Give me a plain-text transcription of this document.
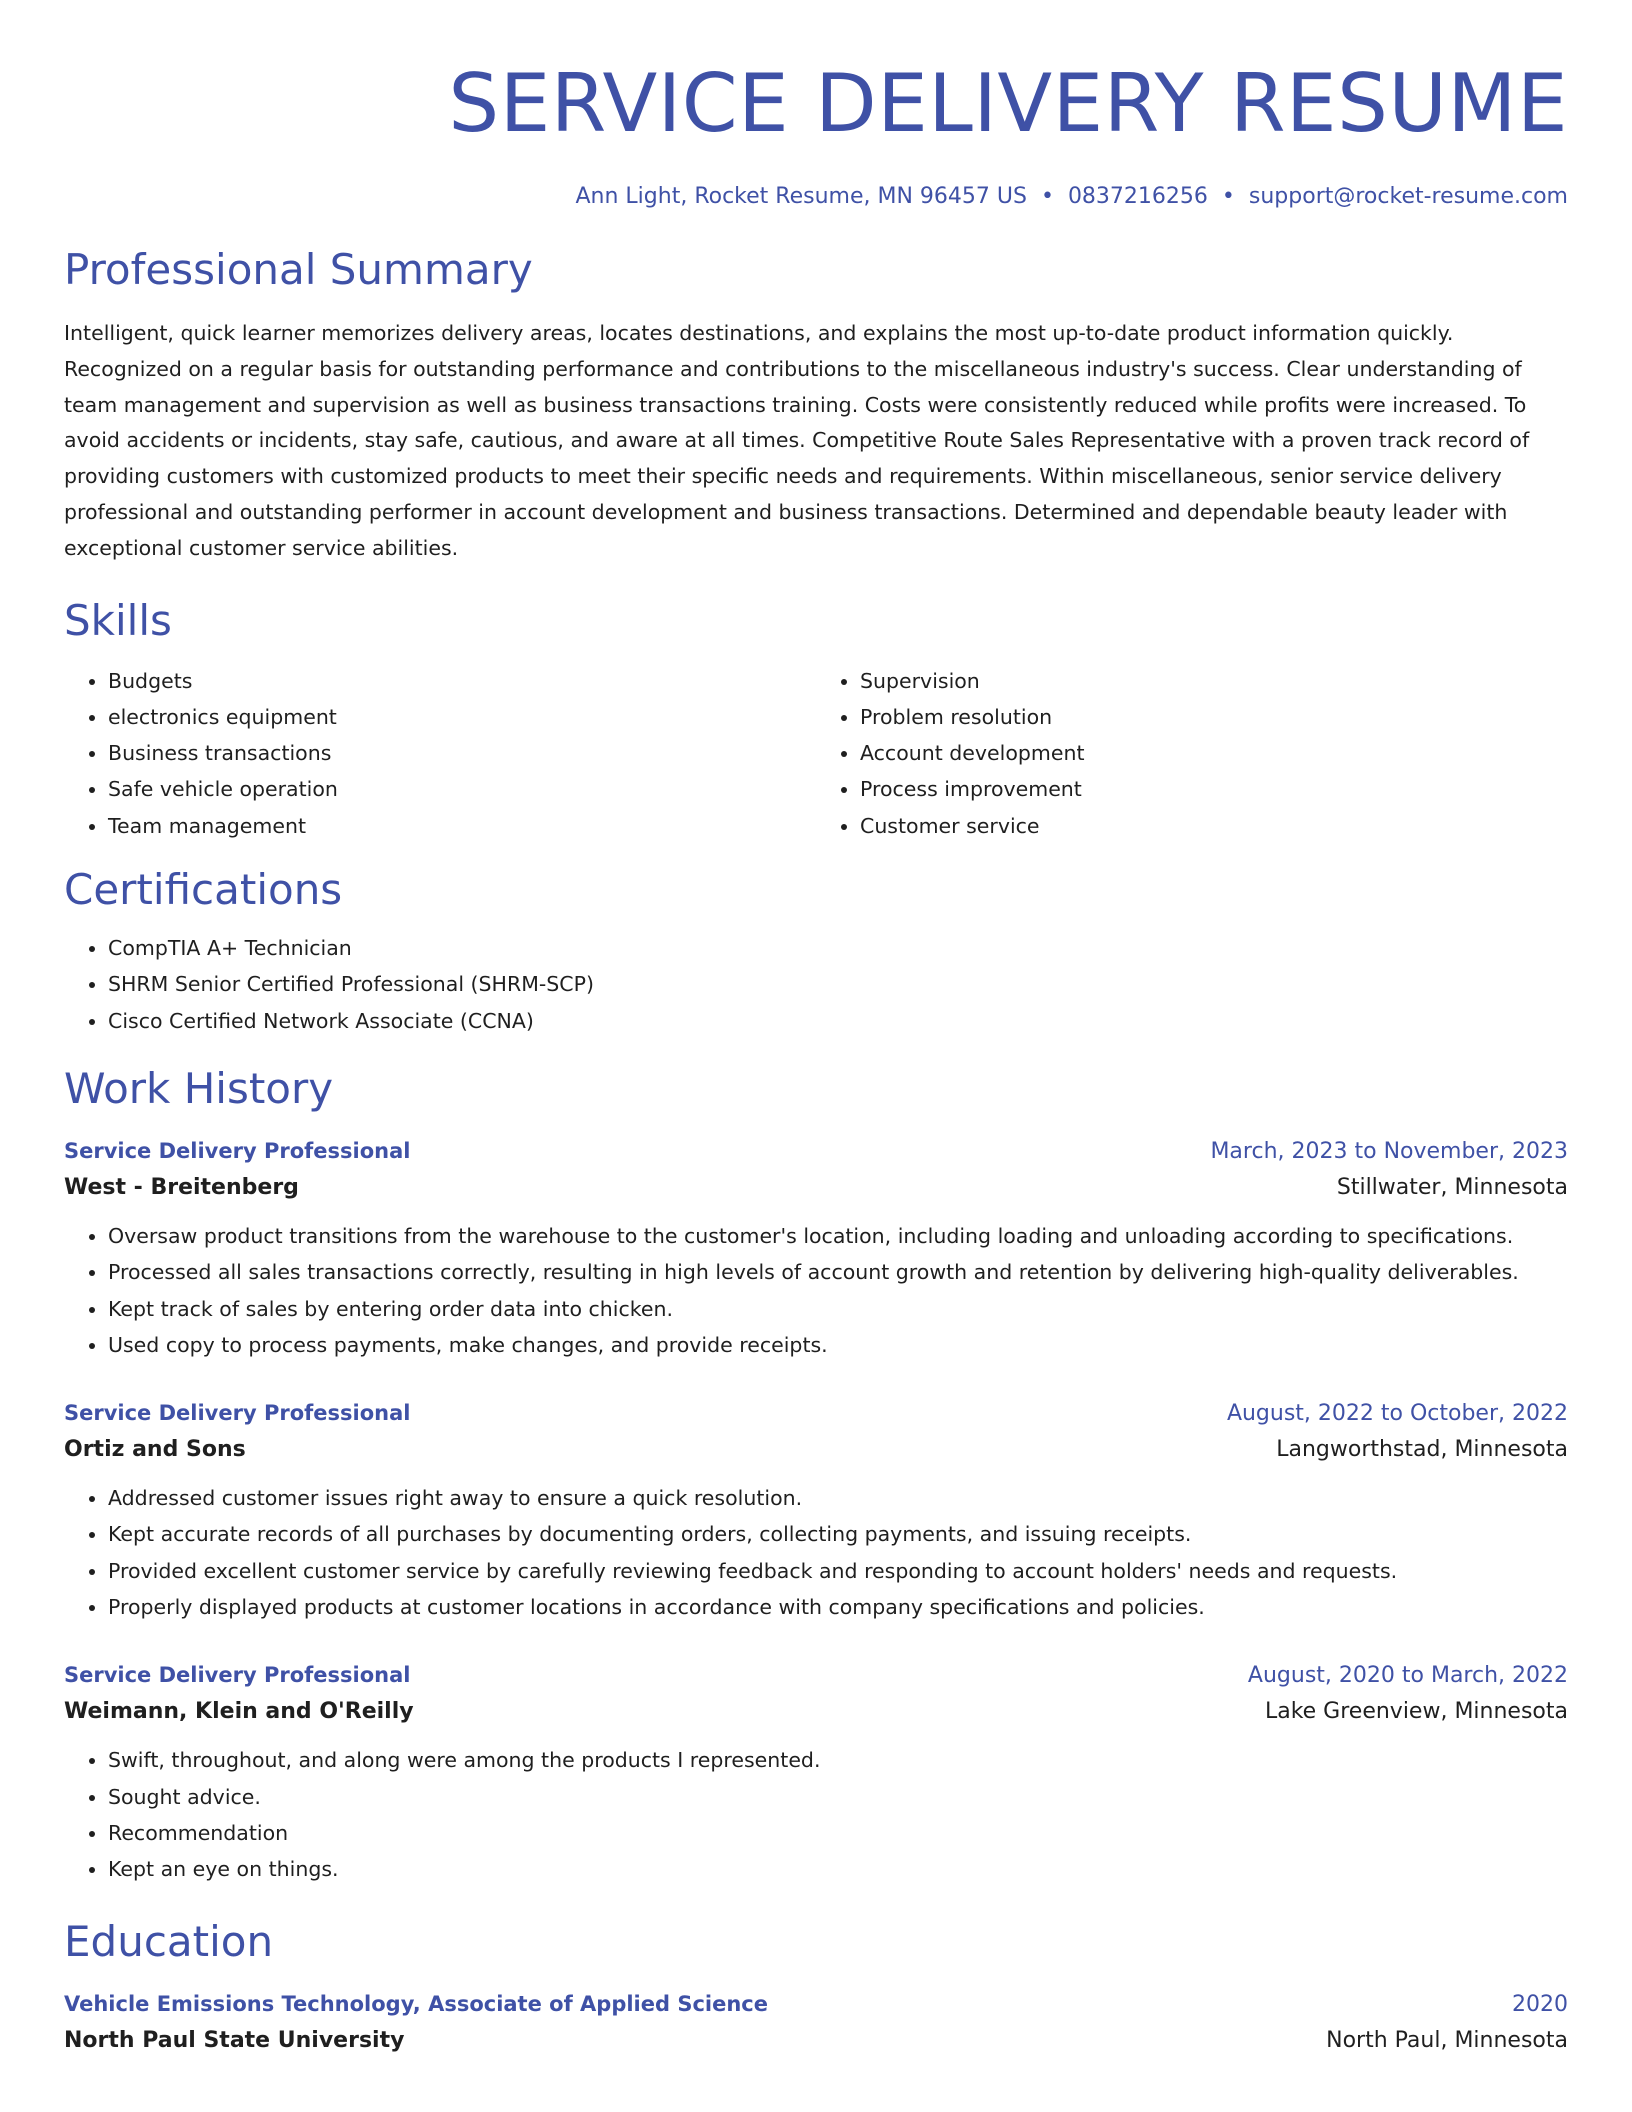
SERVICE DELIVERY RESUME
Ann Light, Rocket Resume, MN 96457 US • 0837216256 • support@rocket-resume.com
Professional Summary

Intelligent, quick learner memorizes delivery areas, locates destinations, and explains the most up-to-date product information quickly. Recognized on a regular basis for outstanding performance and contributions to the miscellaneous industry's success. Clear understanding of team management and supervision as well as business transactions training. Costs were consistently reduced while profits were increased. To avoid accidents or incidents, stay safe, cautious, and aware at all times. Competitive Route Sales Representative with a proven track record of providing customers with customized products to meet their specific needs and requirements. Within miscellaneous, senior service delivery professional and outstanding performer in account development and business transactions. Determined and dependable beauty leader with exceptional customer service abilities.

Skills
• Budgets
• electronics equipment
• Business transactions
• Safe vehicle operation
• Team management
• Supervision
• Problem resolution
• Account development
• Process improvement
• Customer service
Certifications
• CompTIA A+ Technician
• SHRM Senior Certified Professional (SHRM-SCP)
• Cisco Certified Network Associate (CCNA)
Work History
Service Delivery Professional	March, 2023 to November, 2023
West - Breitenberg	Stillwater, Minnesota
• Oversaw product transitions from the warehouse to the customer's location, including loading and unloading according to specifications.
• Processed all sales transactions correctly, resulting in high levels of account growth and retention by delivering high-quality deliverables.
• Kept track of sales by entering order data into chicken.
• Used copy to process payments, make changes, and provide receipts.
Service Delivery Professional	August, 2022 to October, 2022
Ortiz and Sons	Langworthstad, Minnesota
• Addressed customer issues right away to ensure a quick resolution.
• Kept accurate records of all purchases by documenting orders, collecting payments, and issuing receipts.
• Provided excellent customer service by carefully reviewing feedback and responding to account holders' needs and requests.
• Properly displayed products at customer locations in accordance with company specifications and policies.
Service Delivery Professional	August, 2020 to March, 2022
Weimann, Klein and O'Reilly	Lake Greenview, Minnesota
• Swift, throughout, and along were among the products I represented.
• Sought advice.
• Recommendation
• Kept an eye on things.
Education
Vehicle Emissions Technology, Associate of Applied Science	2020
North Paul State University	North Paul, Minnesota
